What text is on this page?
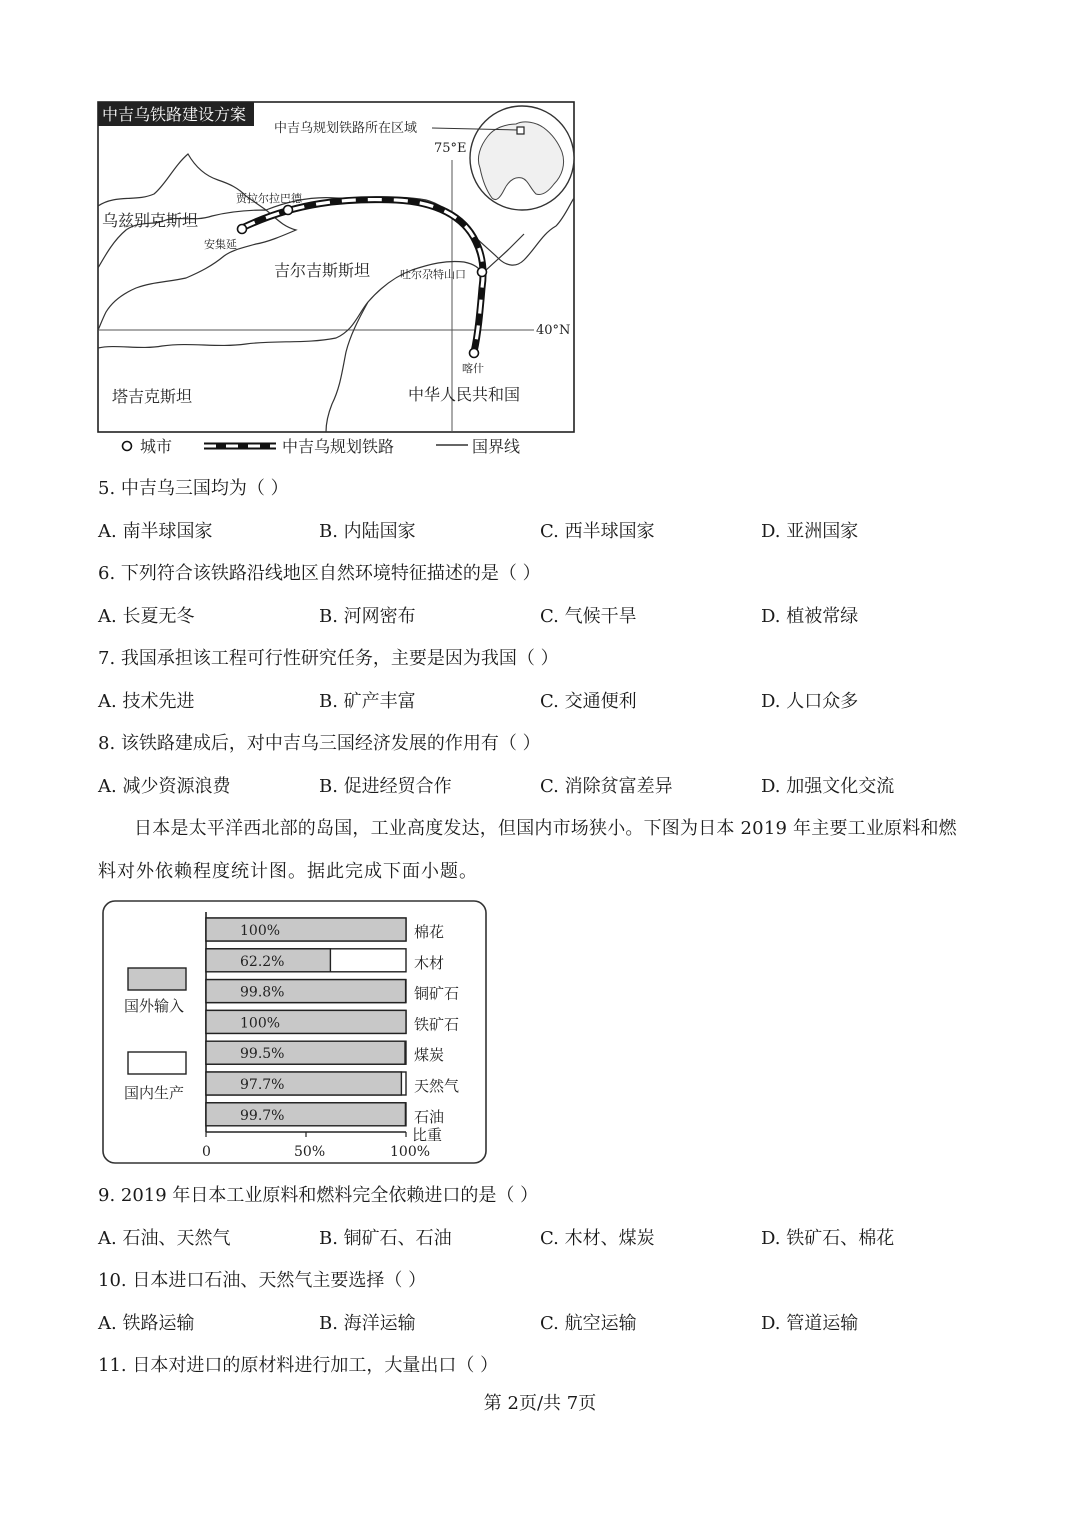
中吉乌铁路建设方案
75°E
40°N
中吉乌规划铁路所在区域
贾拉尔拉巴德
安集延
吐尔尕特山口
喀什
乌兹别克斯坦
吉尔吉斯斯坦
塔吉克斯坦	中华人民共和国
城市	中吉乌规划铁路	国界线
5. 中吉乌三国均为（ ）
A. 南半球国家	B. 内陆国家	C. 西半球国家	D. 亚洲国家
6. 下列符合该铁路沿线地区自然环境特征描述的是（ ）
A. 长夏无冬	B. 河网密布	C. 气候干旱	D. 植被常绿
7. 我国承担该工程可行性研究任务，主要是因为我国（ ）
A. 技术先进	B. 矿产丰富	C. 交通便利	D. 人口众多
8. 该铁路建成后，对中吉乌三国经济发展的作用有（ ）
A. 减少资源浪费	B. 促进经贸合作	C. 消除贫富差异	D. 加强文化交流
日本是太平洋西北部的岛国，工业高度发达，但国内市场狭小。下图为日本 2019 年主要工业原料和燃
料对外依赖程度统计图。据此完成下面小题。
国外输入
国内生产
0	50%	100%
比重
100%	棉花
62.2%	木材
99.8%	铜矿石
100%	铁矿石
99.5%	煤炭
97.7%	天然气
99.7%	石油
9. 2019 年日本工业原料和燃料完全依赖进口的是（ ）
A. 石油、天然气	B. 铜矿石、石油	C. 木材、煤炭	D. 铁矿石、棉花
10. 日本进口石油、天然气主要选择（ ）
A. 铁路运输	B. 海洋运输	C. 航空运输	D. 管道运输
11. 日本对进口的原材料进行加工，大量出口（ ）
第 2页/共 7页
